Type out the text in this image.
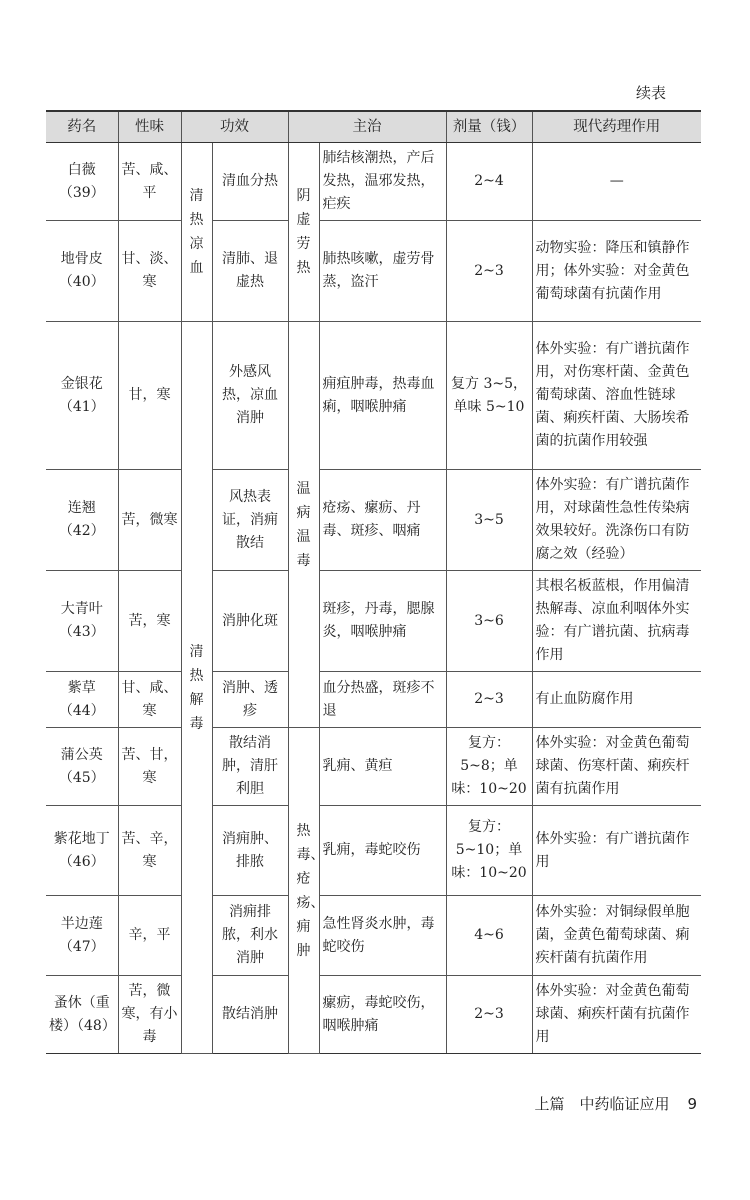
续表
药名	性味	功效		主治		剂量（钱）	现代药理作用
白薇（39）	苦、咸、平	清热凉血	清血分热	阴虚劳热	肺结核潮热，产后发热，温邪发热，疟疾	2~4	—
地骨皮（40）	甘、淡、寒		清肺、退虚热		肺热咳嗽，虚劳骨蒸，盗汗	2~3	动物实验：降压和镇静作用；体外实验：对金黄色葡萄球菌有抗菌作用
金银花（41）	甘，寒	清热解毒	外感风热，凉血消肿	温病温毒	痈疽肿毒，热毒血痢，咽喉肿痛	复方 3~5，单味 5~10	体外实验：有广谱抗菌作用，对伤寒杆菌、金黄色葡萄球菌、溶血性链球菌、痢疾杆菌、大肠埃希菌的抗菌作用较强
连翘（42）	苦，微寒		风热表证，消痈散结		疮疡、瘰疬、丹毒、斑疹、咽痛	3~5	体外实验：有广谱抗菌作用，对球菌性急性传染病效果较好。洗涤伤口有防腐之效（经验）
大青叶（43）	苦，寒		消肿化斑		斑疹，丹毒，腮腺炎，咽喉肿痛	3~6	其根名板蓝根，作用偏清热解毒、凉血利咽体外实验：有广谱抗菌、抗病毒作用
紫草（44）	甘、咸、寒		消肿、透疹		血分热盛，斑疹不退	2~3	有止血防腐作用
蒲公英（45）	苦、甘，寒		散结消肿，清肝利胆	热毒、疮疡、痈肿	乳痈、黄疸	复方：5~8；单味：10~20	体外实验：对金黄色葡萄球菌、伤寒杆菌、痢疾杆菌有抗菌作用
紫花地丁（46）	苦、辛，寒		消痈肿、排脓		乳痈，毒蛇咬伤	复方：5~10；单味：10~20	体外实验：有广谱抗菌作用
半边莲（47）	辛，平		消痈排脓，利水消肿		急性肾炎水肿，毒蛇咬伤	4~6	体外实验：对铜绿假单胞菌，金黄色葡萄球菌、痢疾杆菌有抗菌作用
蚤休（重楼）（48）	苦，微寒，有小毒		散结消肿		瘰疬，毒蛇咬伤，咽喉肿痛	2~3	体外实验：对金黄色葡萄球菌、痢疾杆菌有抗菌作用
上篇　中药临证应用 9
